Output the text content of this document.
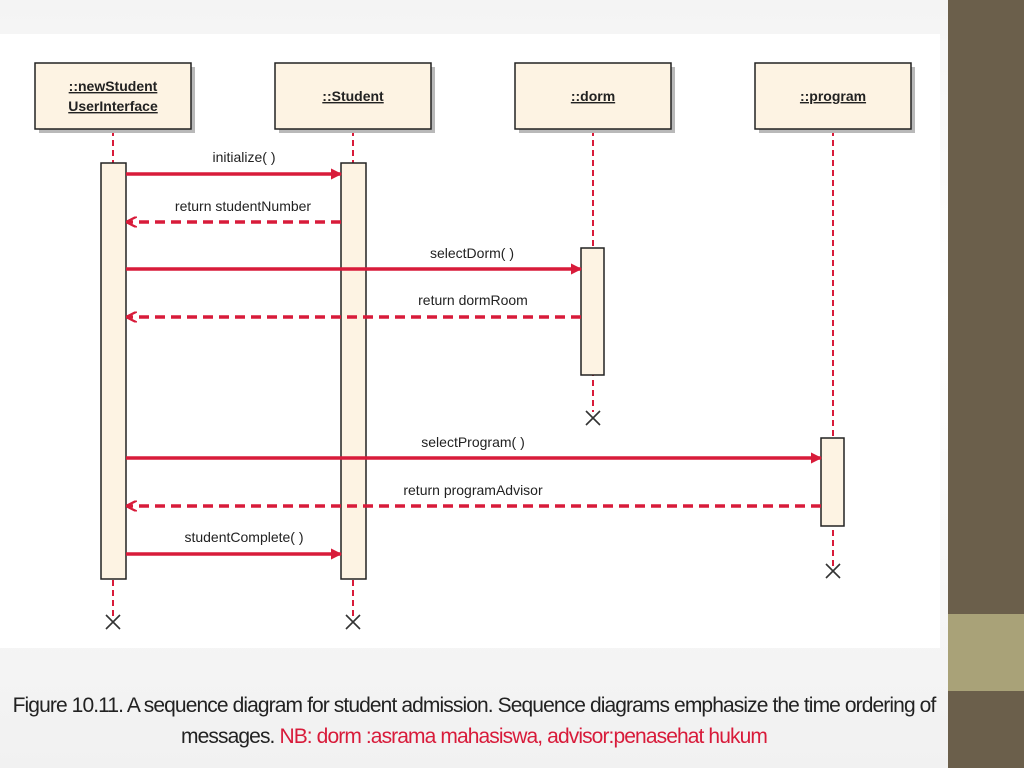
::newStudent
UserInterface
::Student	::dorm	::program
initialize( )
return studentNumber
selectDorm( )
return dormRoom
selectProgram( )
return programAdvisor
studentComplete( )
Figure 10.11. A sequence diagram for student admission. Sequence diagrams emphasize the time ordering of messages. NB: dorm :asrama mahasiswa, advisor:penasehat hukum
